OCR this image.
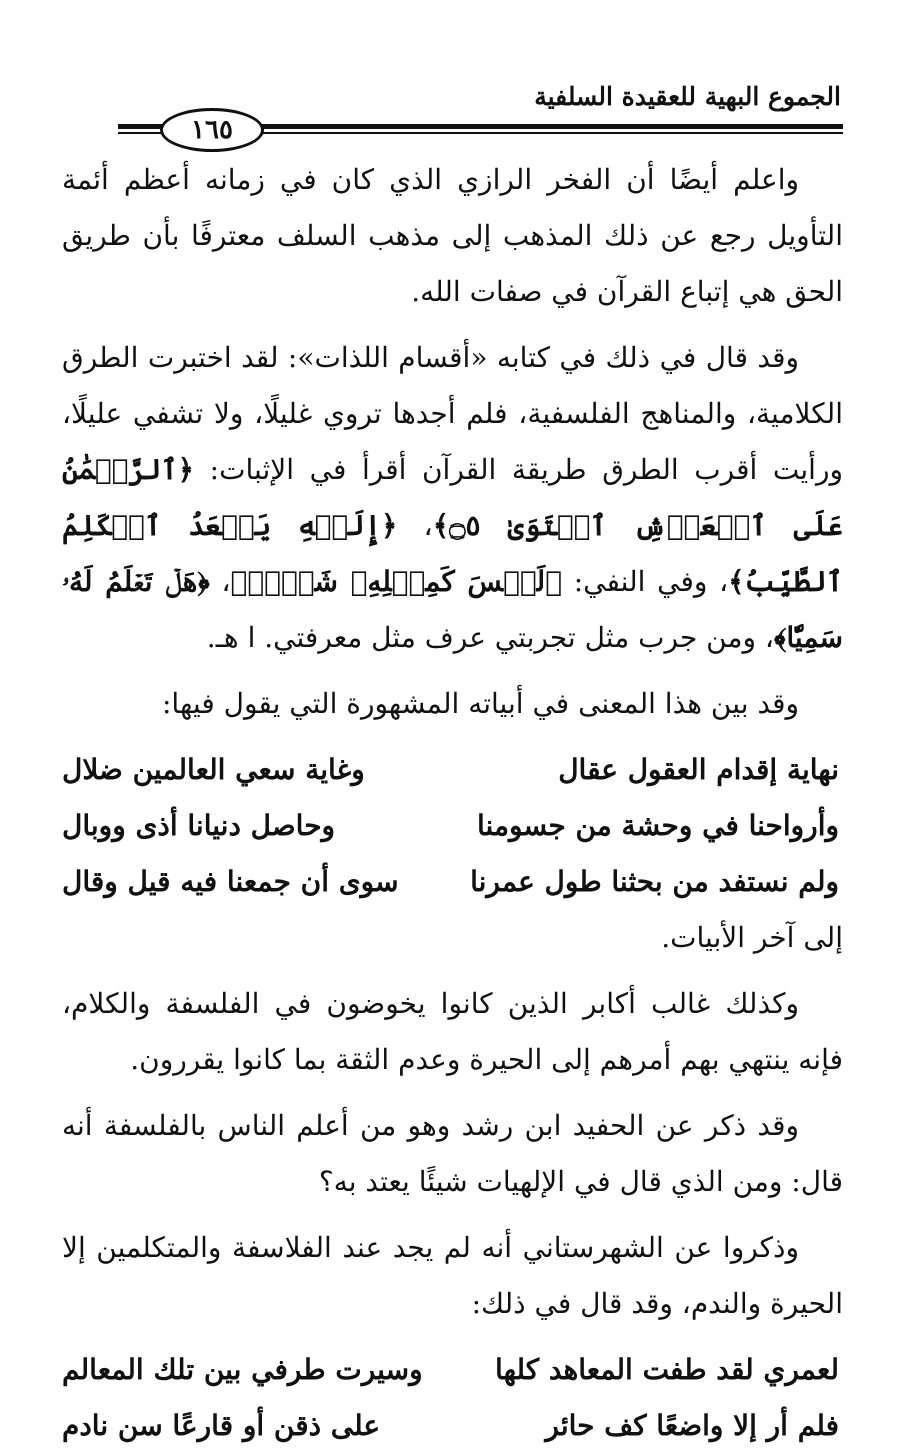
الجموع البهية للعقيدة السلفية
١٦٥

واعلم أيضًا أن الفخر الرازي الذي كان في زمانه أعظم أئمة التأويل رجع عن ذلك المذهب إلى مذهب السلف معترفًا بأن طريق الحق هي إتباع القرآن في صفات الله.

وقد قال في ذلك في كتابه «أقسام اللذات»: لقد اختبرت الطرق الكلامية، والمناهج الفلسفية، فلم أجدها تروي غليلًا، ولا تشفي عليلًا، ورأيت أقرب الطرق طريقة القرآن أقرأ في الإثبات: ﴿ٱلرَّحۡمَٰنُ عَلَى ٱلۡعَرۡشِ ٱسۡتَوَىٰ ۝٥﴾، ﴿إِلَيۡهِ يَصۡعَدُ ٱلۡكَلِمُ ٱلطَّيِّبُ﴾، وفي النفي: ﴿لَيۡسَ كَمِثۡلِهِۦ شَيۡءٞ﴾، ﴿هَلۡ تَعۡلَمُ لَهُۥ سَمِيّٗا﴾، ومن جرب مثل تجربتي عرف مثل معرفتي. ا هـ.

وقد بين هذا المعنى في أبياته المشهورة التي يقول فيها:

نهاية إقدام العقول عقال
وغاية سعي العالمين ضلال
وأرواحنا في وحشة من جسومنا
وحاصل دنيانا أذى ووبال
ولم نستفد من بحثنا طول عمرنا
سوى أن جمعنا فيه قيل وقال

إلى آخر الأبيات.

وكذلك غالب أكابر الذين كانوا يخوضون في الفلسفة والكلام، فإنه ينتهي بهم أمرهم إلى الحيرة وعدم الثقة بما كانوا يقررون.

وقد ذكر عن الحفيد ابن رشد وهو من أعلم الناس بالفلسفة أنه قال: ومن الذي قال في الإلهيات شيئًا يعتد به؟

وذكروا عن الشهرستاني أنه لم يجد عند الفلاسفة والمتكلمين إلا الحيرة والندم، وقد قال في ذلك:

لعمري لقد طفت المعاهد كلها
وسيرت طرفي بين تلك المعالم
فلم أر إلا واضعًا كف حائر
على ذقن أو قارعًا سن نادم
